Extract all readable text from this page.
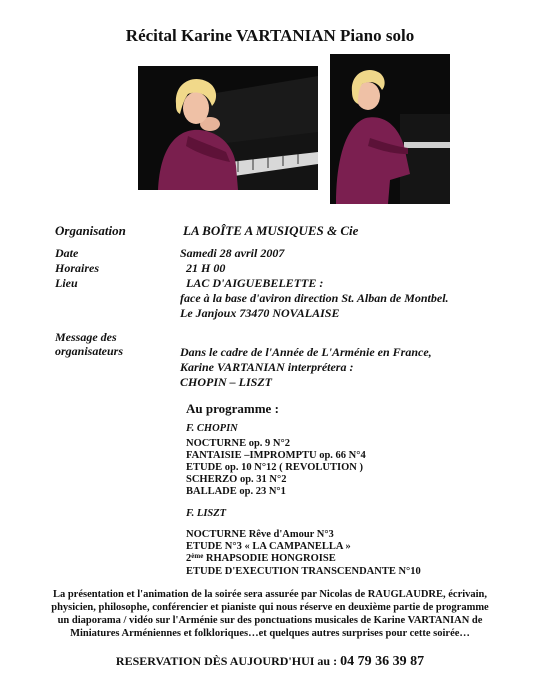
Récital Karine VARTANIAN Piano solo
Organisation	LA BOÎTE A MUSIQUES & Cie
Date	Samedi 28 avril 2007
Horaires	21 H 00
Lieu	LAC D'AIGUEBELETTE :
face à la base d'aviron direction St. Alban de Montbel.
Le Janjoux 73470 NOVALAISE
Message des
organisateurs	Dans le cadre de l'Année de L'Arménie en France,
Karine VARTANIAN interprétera :
CHOPIN – LISZT
Au programme :
F. CHOPIN
NOCTURNE op. 9 N°2
FANTAISIE –IMPROMPTU op. 66 N°4
ETUDE op. 10 N°12 ( REVOLUTION )
SCHERZO op. 31 N°2
BALLADE op. 23 N°1
F. LISZT
NOCTURNE Rêve d'Amour N°3
ETUDE N°3 « LA CAMPANELLA »
2ème RHAPSODIE HONGROISE
ETUDE D'EXECUTION TRANSCENDANTE N°10
La présentation et l'animation de la soirée sera assurée par Nicolas de RAUGLAUDRE, écrivain,
physicien, philosophe, conférencier et pianiste qui nous réserve en deuxième partie de programme
un diaporama / vidéo sur l'Arménie sur des ponctuations musicales de Karine VARTANIAN de
Miniatures Arméniennes et folkloriques…et quelques autres surprises pour cette soirée…
RESERVATION DÈS AUJOURD'HUI au : 04 79 36 39 87
